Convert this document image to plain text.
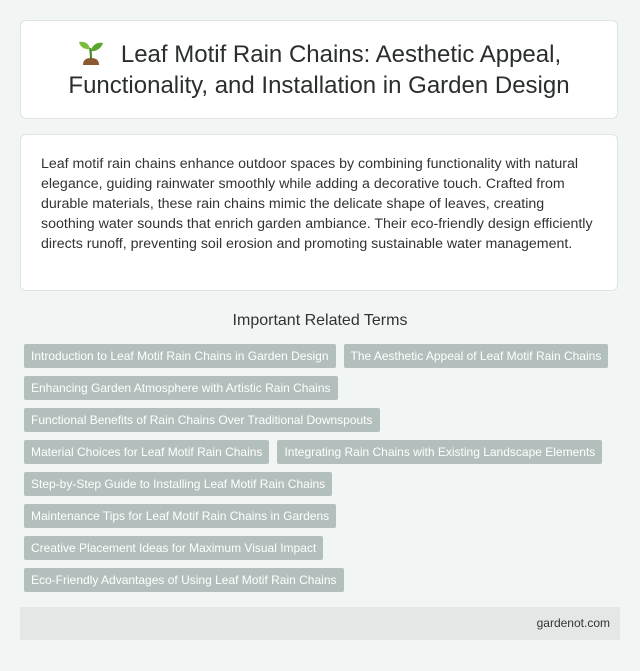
Leaf Motif Rain Chains: Aesthetic Appeal, Functionality, and Installation in Garden Design

Leaf motif rain chains enhance outdoor spaces by combining functionality with natural elegance, guiding rainwater smoothly while adding a decorative touch. Crafted from durable materials, these rain chains mimic the delicate shape of leaves, creating soothing water sounds that enrich garden ambiance. Their eco-friendly design efficiently directs runoff, preventing soil erosion and promoting sustainable water management.

Important Related Terms
Introduction to Leaf Motif Rain Chains in Garden Design	The Aesthetic Appeal of Leaf Motif Rain Chains
Enhancing Garden Atmosphere with Artistic Rain Chains
Functional Benefits of Rain Chains Over Traditional Downspouts
Material Choices for Leaf Motif Rain Chains	Integrating Rain Chains with Existing Landscape Elements
Step-by-Step Guide to Installing Leaf Motif Rain Chains
Maintenance Tips for Leaf Motif Rain Chains in Gardens
Creative Placement Ideas for Maximum Visual Impact
Eco-Friendly Advantages of Using Leaf Motif Rain Chains
gardenot.com
